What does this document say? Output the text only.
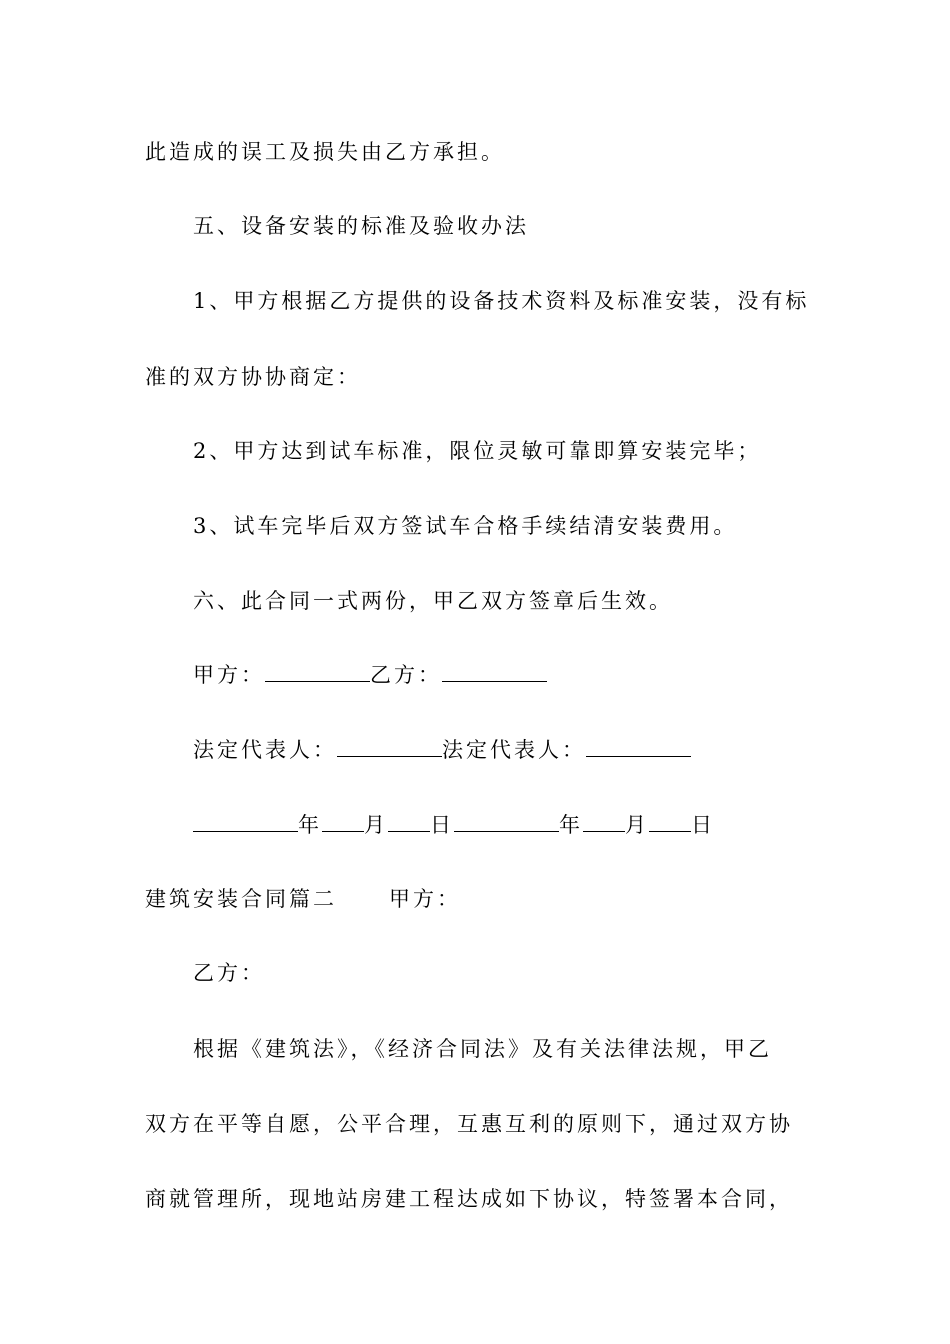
此造成的误工及损失由乙方承担。
五、设备安装的标准及验收办法
1、甲方根据乙方提供的设备技术资料及标准安装，没有标
准的双方协协商定：
2、甲方达到试车标准，限位灵敏可靠即算安装完毕；
3、试车完毕后双方签试车合格手续结清安装费用。
六、此合同一式两份，甲乙双方签章后生效。
甲方：	乙方：
法定代表人：	法定代表人：
年 月 日	年 月 日
建筑安装合同篇二 甲方：
乙方：
根据《建筑法》，《经济合同法》及有关法律法规，甲乙
双方在平等自愿，公平合理，互惠互利的原则下，通过双方协
商就管理所，现地站房建工程达成如下协议，特签署本合同，
